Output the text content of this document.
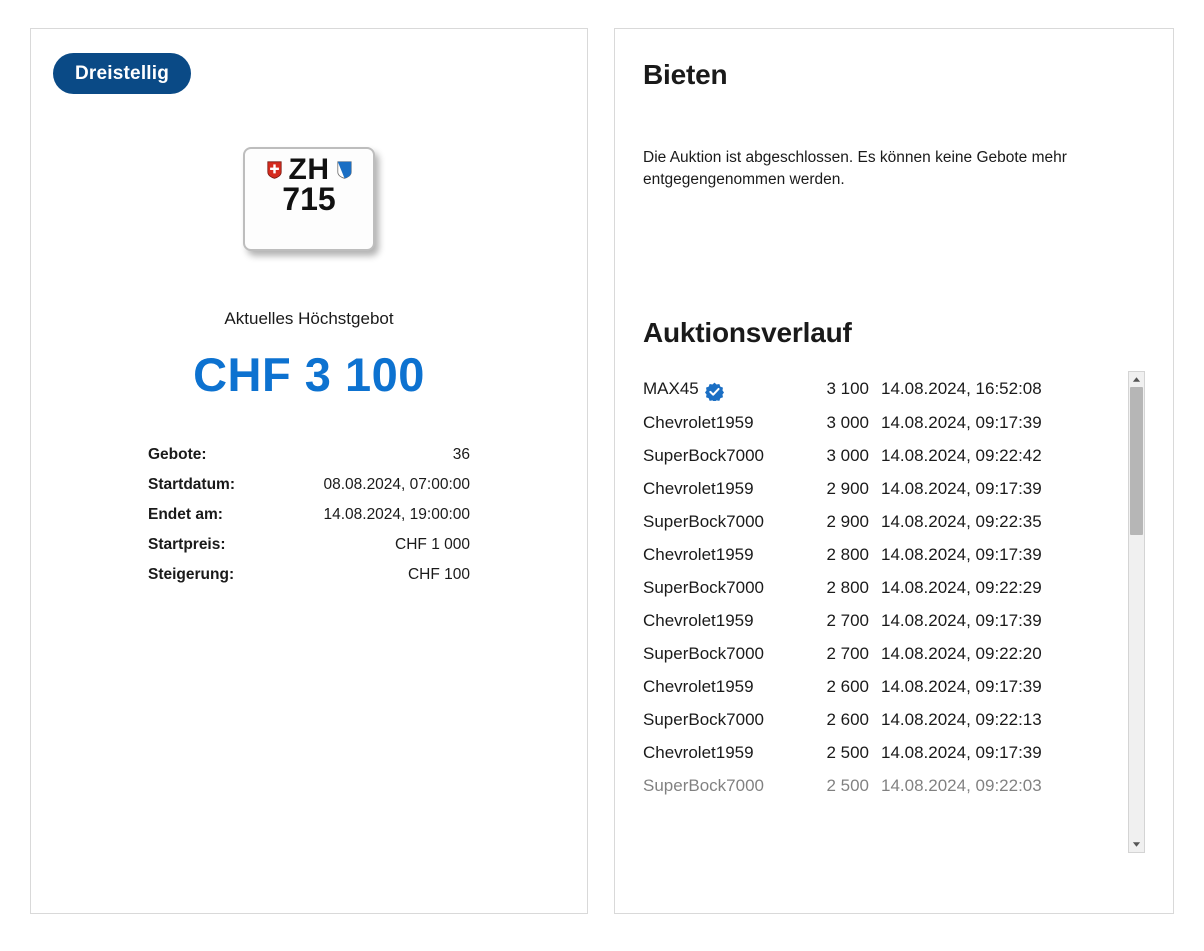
Dreistellig
ZH
715
Aktuelles Höchstgebot
CHF 3 100
Gebote:	36
Startdatum:	08.08.2024, 07:00:00
Endet am:	14.08.2024, 19:00:00
Startpreis:	CHF 1 000
Steigerung:	CHF 100
Bieten

Die Auktion ist abgeschlossen. Es können keine Gebote mehr entgegengenommen werden.

Auktionsverlauf
MAX45	3 100 14.08.2024, 16:52:08
Chevrolet1959	3 000 14.08.2024, 09:17:39
SuperBock7000	3 000 14.08.2024, 09:22:42
Chevrolet1959	2 900 14.08.2024, 09:17:39
SuperBock7000	2 900 14.08.2024, 09:22:35
Chevrolet1959	2 800 14.08.2024, 09:17:39
SuperBock7000	2 800 14.08.2024, 09:22:29
Chevrolet1959	2 700 14.08.2024, 09:17:39
SuperBock7000	2 700 14.08.2024, 09:22:20
Chevrolet1959	2 600 14.08.2024, 09:17:39
SuperBock7000	2 600 14.08.2024, 09:22:13
Chevrolet1959	2 500 14.08.2024, 09:17:39
SuperBock7000	2 500 14.08.2024, 09:22:03
